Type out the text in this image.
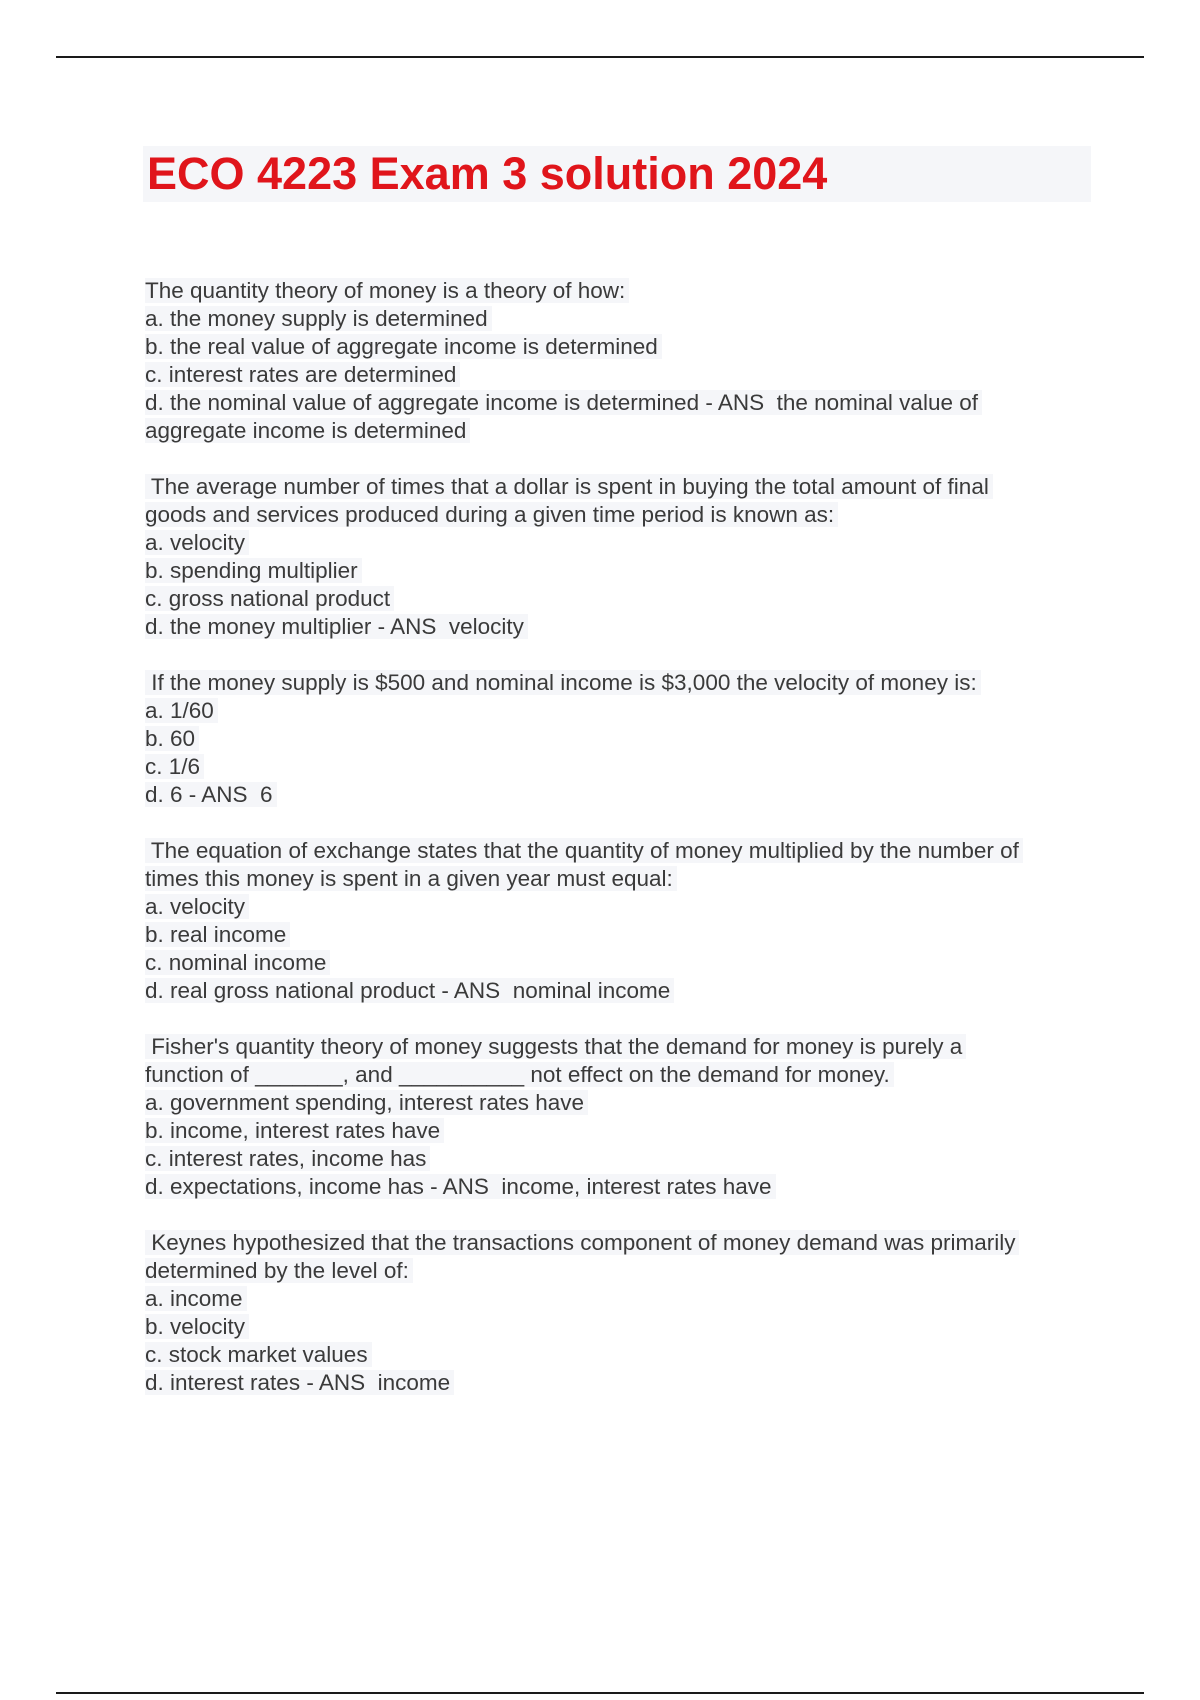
ECO 4223 Exam 3 solution 2024
The quantity theory of money is a theory of how:
a. the money supply is determined
b. the real value of aggregate income is determined
c. interest rates are determined
d. the nominal value of aggregate income is determined - ANS  the nominal value of
aggregate income is determined
The average number of times that a dollar is spent in buying the total amount of final
goods and services produced during a given time period is known as:
a. velocity
b. spending multiplier
c. gross national product
d. the money multiplier - ANS  velocity
If the money supply is $500 and nominal income is $3,000 the velocity of money is:
a. 1/60
b. 60
c. 1/6
d. 6 - ANS  6
The equation of exchange states that the quantity of money multiplied by the number of
times this money is spent in a given year must equal:
a. velocity
b. real income
c. nominal income
d. real gross national product - ANS  nominal income
Fisher's quantity theory of money suggests that the demand for money is purely a
function of _______, and __________ not effect on the demand for money.
a. government spending, interest rates have
b. income, interest rates have
c. interest rates, income has
d. expectations, income has - ANS  income, interest rates have
Keynes hypothesized that the transactions component of money demand was primarily
determined by the level of:
a. income
b. velocity
c. stock market values
d. interest rates - ANS  income
